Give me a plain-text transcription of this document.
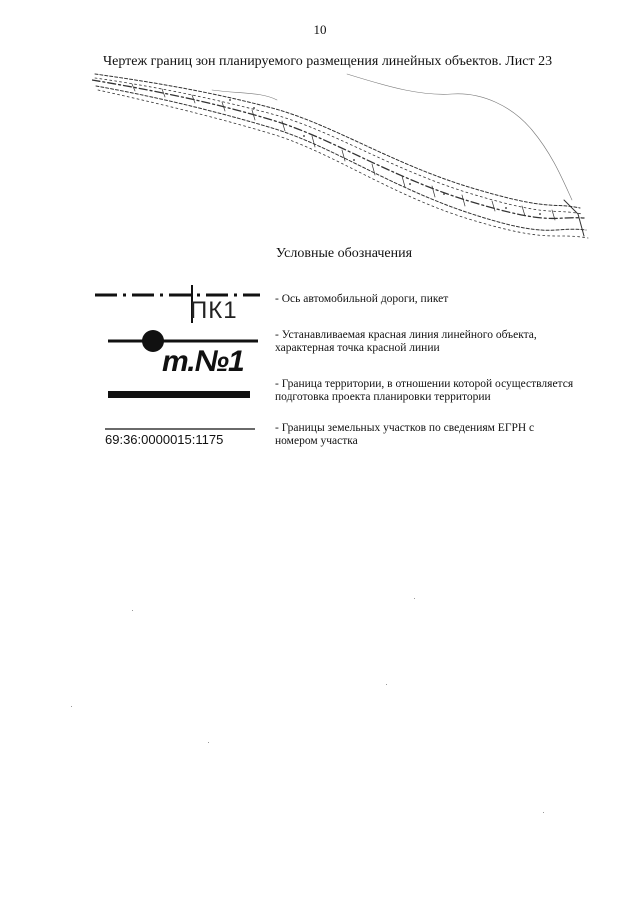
10
Чертеж границ зон планируемого размещения линейных объектов. Лист 23
Условные обозначения
ПК1
т.№1
69:36:0000015:1175
- Ось автомобильной дороги, пикет
- Устанавливаемая красная линия линейного объекта, характерная точка красной линии
- Граница территории, в отношении которой осуществляется подготовка проекта планировки территории
- Границы земельных участков по сведениям ЕГРН с номером участка
